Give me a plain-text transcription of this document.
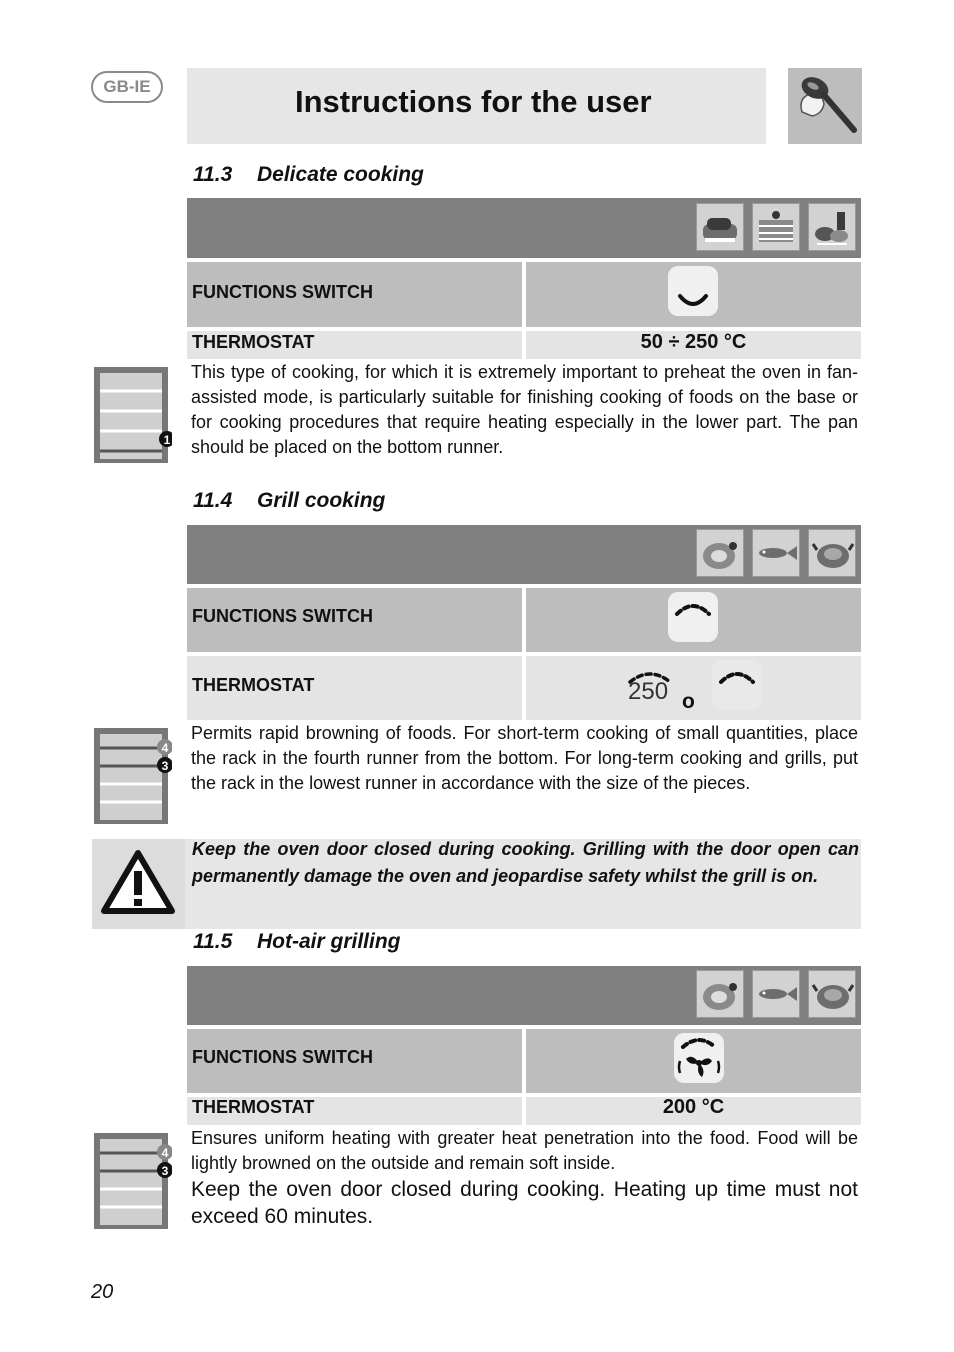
GB-IE	Instructions for the user
11.3 Delicate cooking
FUNCTIONS SWITCH
THERMOSTAT	50 ÷ 250 °C
1
This type of cooking, for which it is extremely important to preheat the oven in fan-assisted mode, is particularly suitable for finishing cooking of foods on the base or for cooking procedures that require heating especially in the lower part. The pan should be placed on the bottom runner.
11.4 Grill cooking
FUNCTIONS SWITCH
THERMOSTAT	250 o
4
3
Permits rapid browning of foods. For short-term cooking of small quantities, place the rack in the fourth runner from the bottom. For long-term cooking and grills, put the rack in the lowest runner in accordance with the size of the pieces.
Keep the oven door closed during cooking. Grilling with the door open can permanently damage the oven and jeopardise safety whilst the grill is on.
11.5 Hot-air grilling
FUNCTIONS SWITCH
THERMOSTAT	200 °C
4
3
Ensures uniform heating with greater heat penetration into the food. Food will be lightly browned on the outside and remain soft inside.
Keep the oven door closed during cooking. Heating up time must not exceed 60 minutes.
20
